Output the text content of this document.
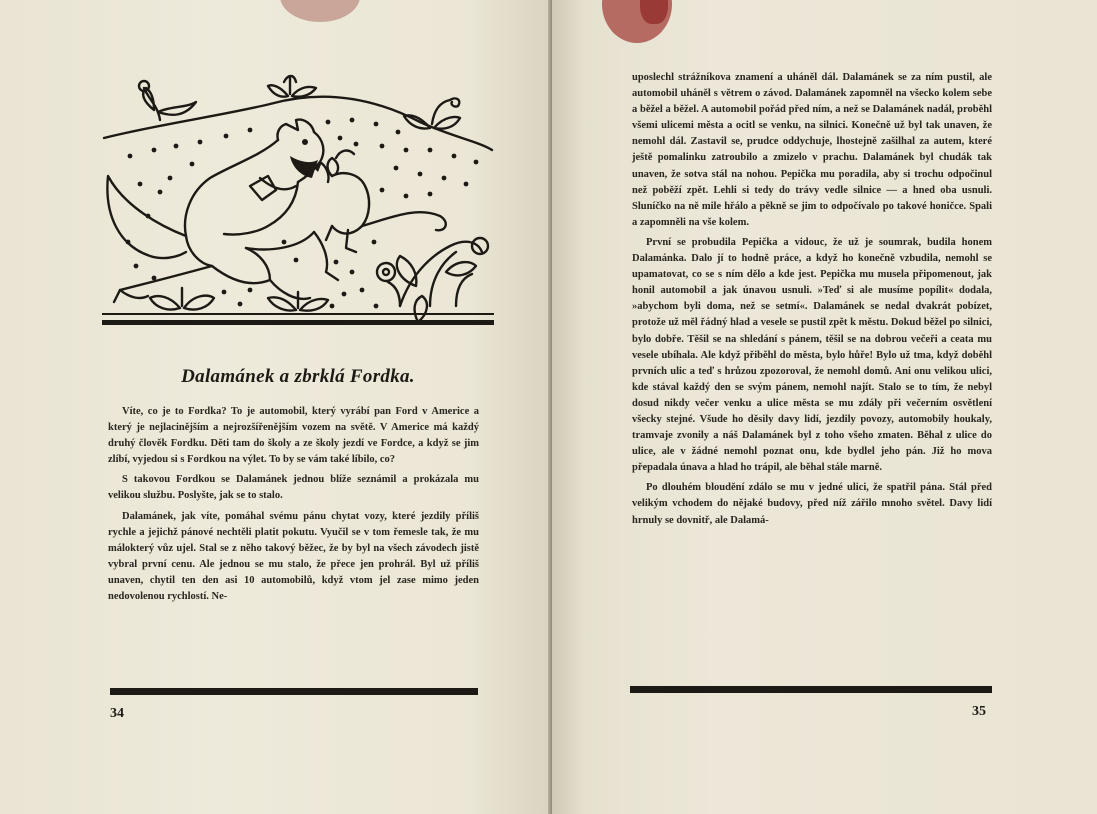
Dalamánek a zbrklá Fordka.

Víte, co je to Fordka? To je automobil, který vyrábí pan Ford v Americe a který je nejlacinějším a nejrozšířenějším vozem na světě. V Americe má každý druhý člověk Fordku. Děti tam do školy a ze školy jezdí ve Fordce, a když se jim zlíbí, vyjedou si s Fordkou na výlet. To by se vám také líbilo, co?

S takovou Fordkou se Dalamánek jednou blíže seznámil a prokázala mu velikou službu. Poslyšte, jak se to stalo.

Dalamánek, jak víte, pomáhal svému pánu chytat vozy, které jezdily příliš rychle a jejichž pánové nechtěli platit pokutu. Vyučil se v tom řemesle tak, že mu málokterý vůz ujel. Stal se z něho takový běžec, že by byl na všech závodech jistě vybral první cenu. Ale jednou se mu stalo, že přece jen prohrál. Byl už příliš unaven, chytil ten den asi 10 automobilů, když vtom jel zase mimo jeden nedovolenou rychlostí. Ne-

34

uposlechl strážníkova znamení a uháněl dál. Dalamánek se za ním pustil, ale automobil uháněl s větrem o závod. Dalamánek zapomněl na všecko kolem sebe a běžel a běžel. A automobil pořád před ním, a než se Dalamánek nadál, proběhl všemi ulicemi města a ocitl se venku, na silnici. Konečně už byl tak unaven, že nemohl dál. Zastavil se, prudce oddychuje, lhostejně zašilhal za autem, které ještě pomalinku zatroubilo a zmizelo v prachu. Dalamánek byl chudák tak unaven, že sotva stál na nohou. Pepička mu poradila, aby si trochu odpočinul než poběží zpět. Lehli si tedy do trávy vedle silnice — a hned oba usnuli. Sluníčko na ně mile hřálo a pěkně se jim to odpočívalo po takové honičce. Spali a zapomněli na vše kolem.

První se probudila Pepička a vidouc, že už je soumrak, budila honem Dalamánka. Dalo jí to hodně práce, a když ho konečně vzbudila, nemohl se upamatovat, co se s ním dělo a kde jest. Pepička mu musela připomenout, jak honil automobil a jak únavou usnuli. »Teď si ale musíme popílit« dodala, »abychom byli doma, než se setmí«. Dalamánek se nedal dvakrát pobízet, protože už měl řádný hlad a vesele se pustil zpět k městu. Dokud běžel po silnici, bylo dobře. Těšil se na shledání s pánem, těšil se na dobrou večeři a ceata mu vesele ubíhala. Ale když přiběhl do města, bylo hůře! Bylo už tma, když doběhl prvních ulic a teď s hrůzou zpozoroval, že nemohl domů. Ani onu velikou ulici, kde stával každý den se svým pánem, nemohl najít. Stalo se to tím, že nebyl dosud nikdy večer venku a ulice města se mu zdály při večerním osvětlení všecky stejné. Všude ho děsily davy lidí, jezdily povozy, automobily houkaly, tramvaje zvonily a náš Dalamánek byl z toho všeho zmaten. Běhal z ulice do ulice, ale v žádné nemohl poznat onu, kde bydlel jeho pán. Již ho mova přepadala únava a hlad ho trápil, ale běhal stále marně.

Po dlouhém bloudění zdálo se mu v jedné ulici, že spatřil pána. Stál před velikým vchodem do nějaké budovy, před níž zářilo mnoho světel. Davy lidí hrnuly se dovnitř, ale Dalamá-

35
